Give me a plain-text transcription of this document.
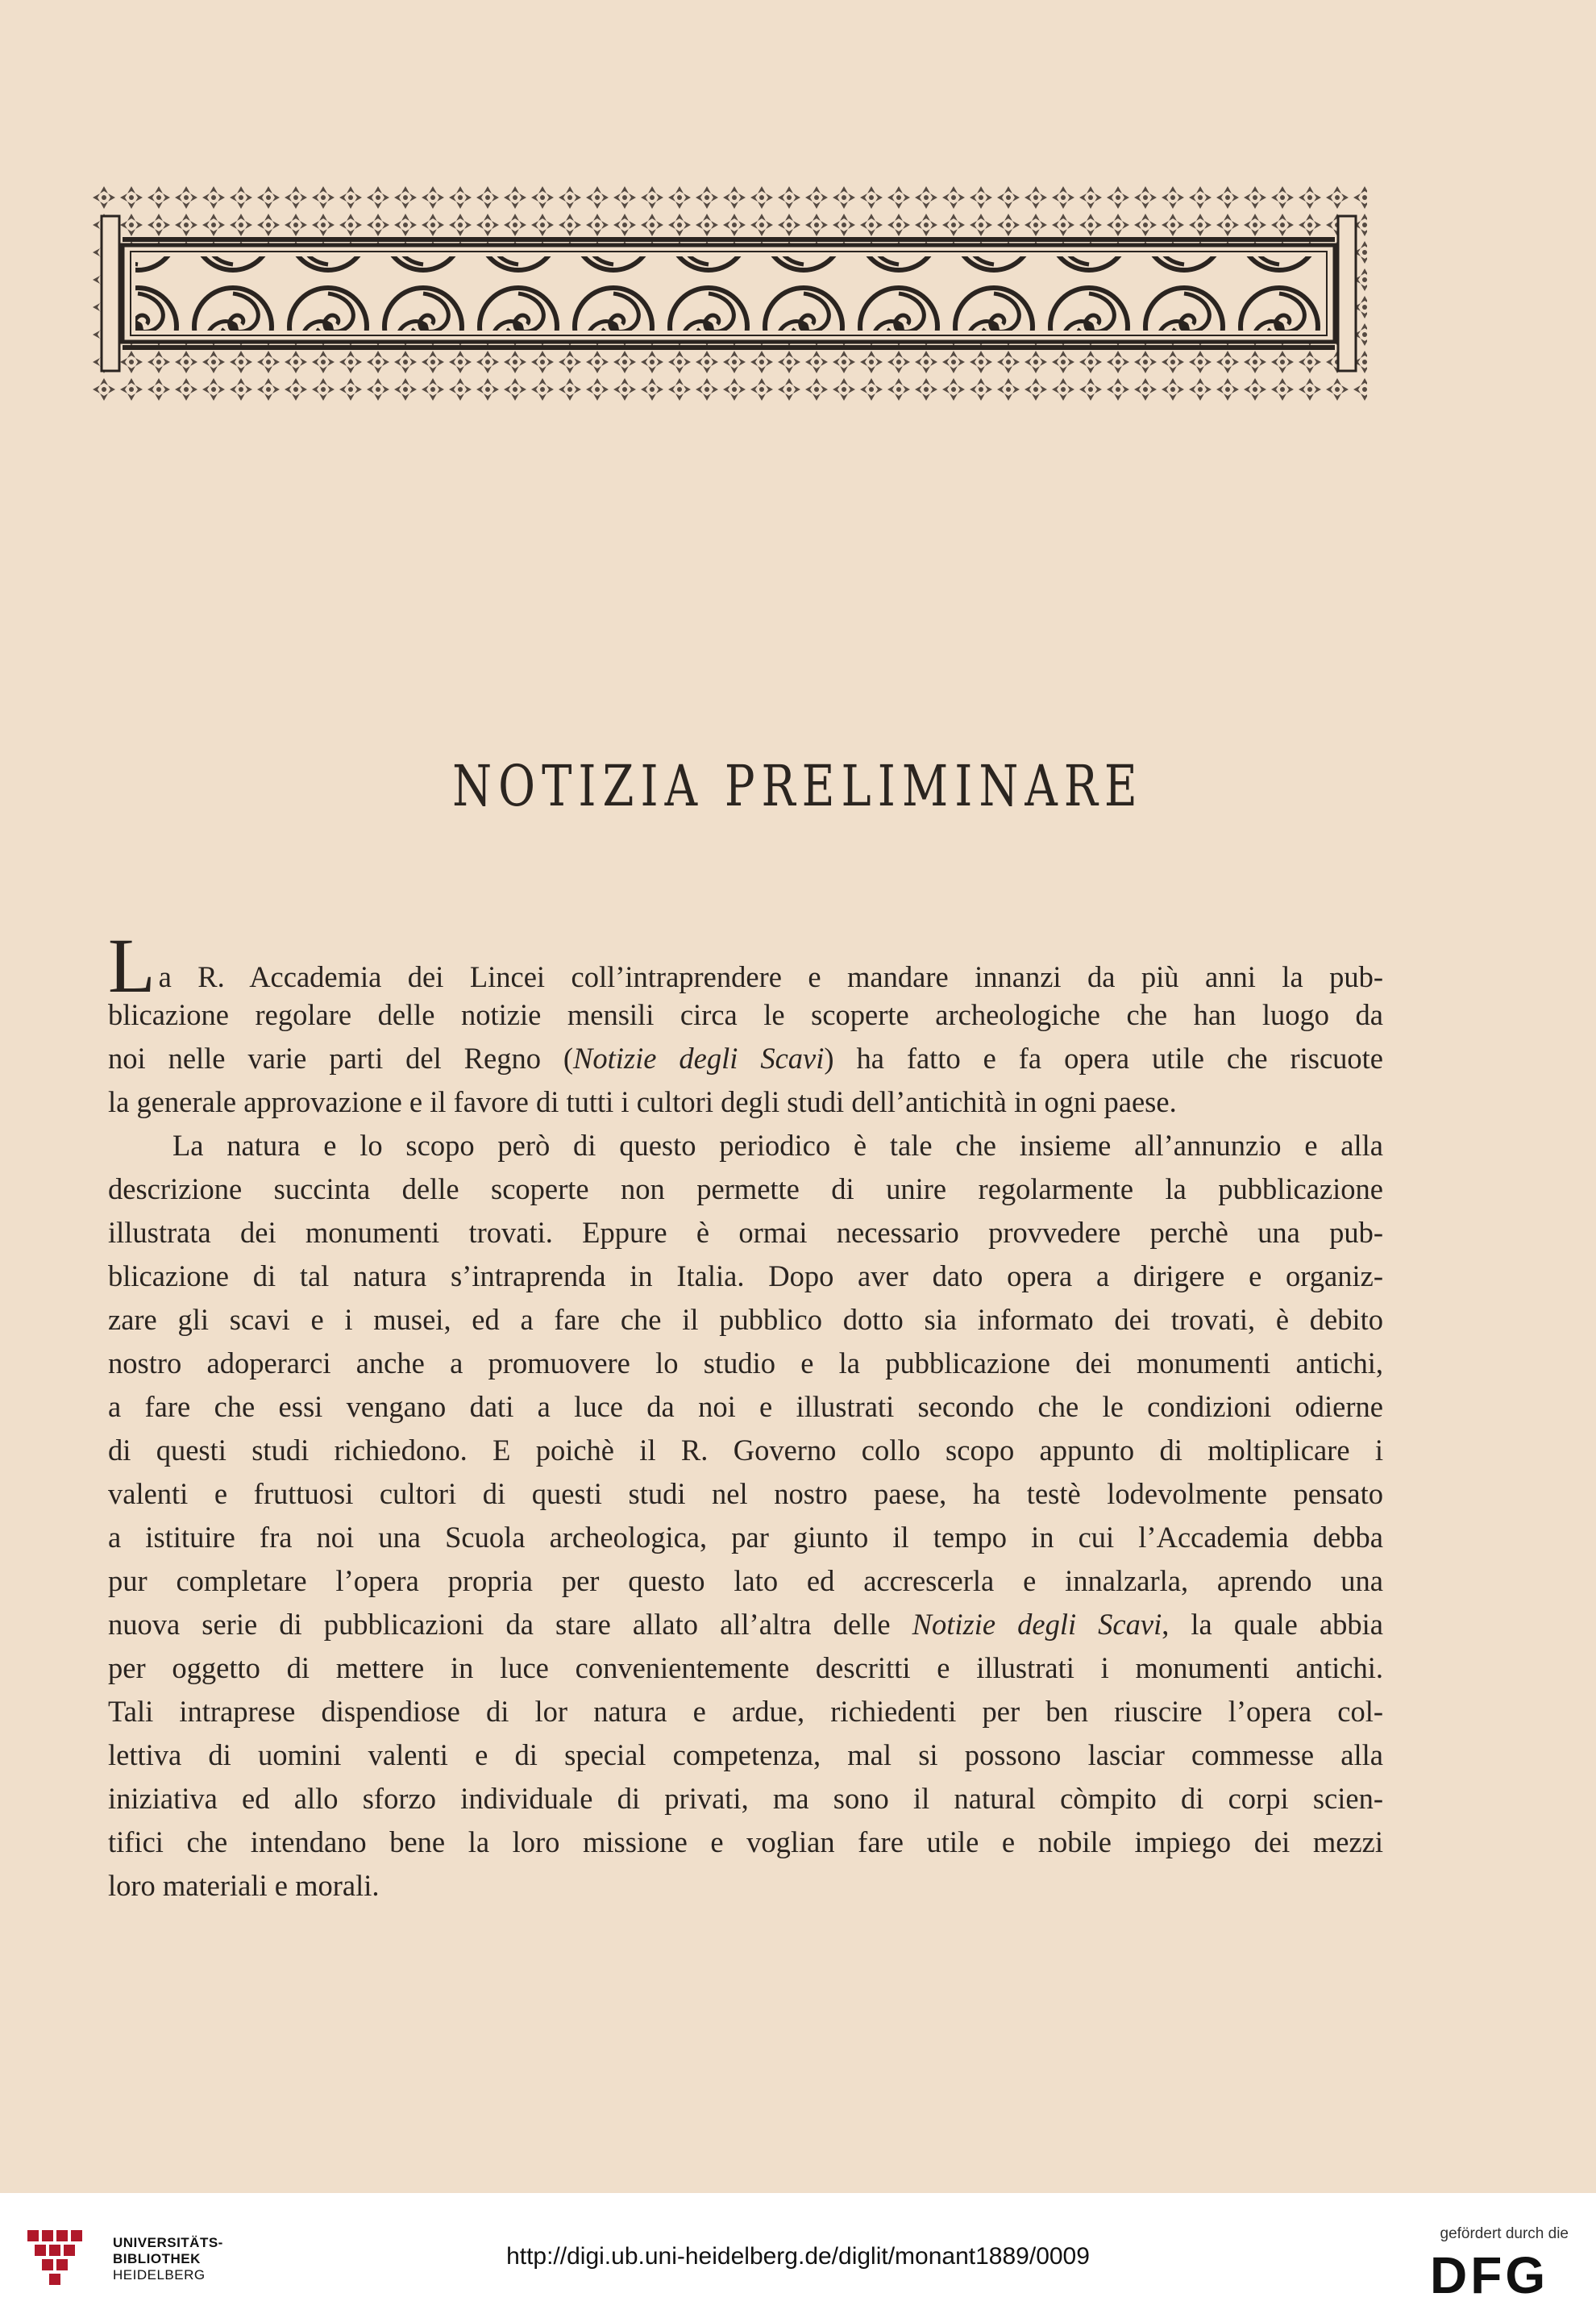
NOTIZIA PRELIMINARE
La R. Accademia dei Lincei coll’intraprendere e mandare innanzi da più anni la pub-
blicazione regolare delle notizie mensili circa le scoperte archeologiche che han luogo da
noi nelle varie parti del Regno (Notizie degli Scavi) ha fatto e fa opera utile che riscuote
la generale approvazione e il favore di tutti i cultori degli studi dell’antichità in ogni paese.
La natura e lo scopo però di questo periodico è tale che insieme all’annunzio e alla
descrizione succinta delle scoperte non permette di unire regolarmente la pubblicazione
illustrata dei monumenti trovati. Eppure è ormai necessario provvedere perchè una pub-
blicazione di tal natura s’intraprenda in Italia. Dopo aver dato opera a dirigere e organiz-
zare gli scavi e i musei, ed a fare che il pubblico dotto sia informato dei trovati, è debito
nostro adoperarci anche a promuovere lo studio e la pubblicazione dei monumenti antichi,
a fare che essi vengano dati a luce da noi e illustrati secondo che le condizioni odierne
di questi studi richiedono. E poichè il R. Governo collo scopo appunto di moltiplicare i
valenti e fruttuosi cultori di questi studi nel nostro paese, ha testè lodevolmente pensato
a istituire fra noi una Scuola archeologica, par giunto il tempo in cui l’Accademia debba
pur completare l’opera propria per questo lato ed accrescerla e innalzarla, aprendo una
nuova serie di pubblicazioni da stare allato all’altra delle Notizie degli Scavi, la quale abbia
per oggetto di mettere in luce convenientemente descritti e illustrati i monumenti antichi.
Tali intraprese dispendiose di lor natura e ardue, richiedenti per ben riuscire l’opera col-
lettiva di uomini valenti e di special competenza, mal si possono lasciar commesse alla
iniziativa ed allo sforzo individuale di privati, ma sono il natural còmpito di corpi scien-
tifici che intendano bene la loro missione e voglian fare utile e nobile impiego dei mezzi
loro materiali e morali.
UNIVERSITÄTS-
BIBLIOTHEK
HEIDELBERG
http://digi.ub.uni-heidelberg.de/diglit/monant1889/0009
gefördert durch die
DFG
